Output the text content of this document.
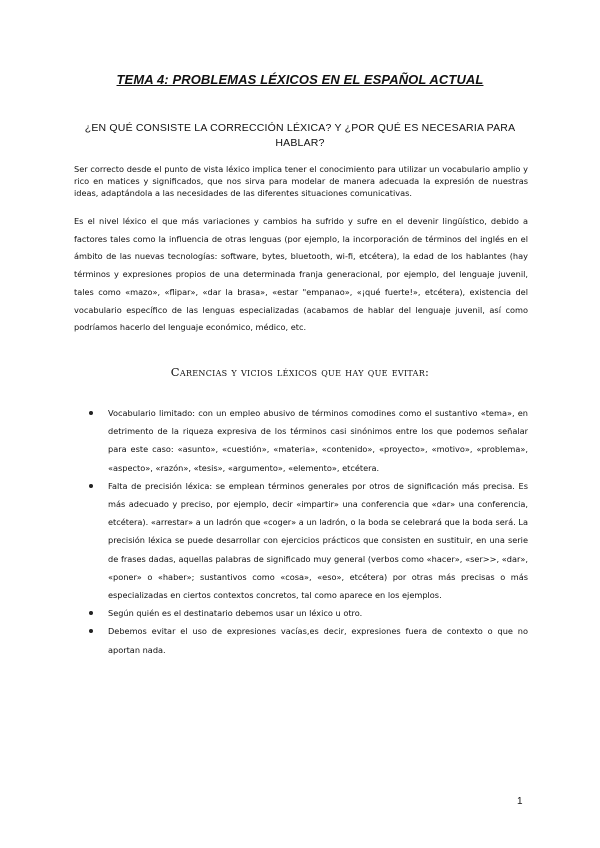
TEMA 4: PROBLEMAS LÉXICOS EN EL ESPAÑOL ACTUAL
¿EN QUÉ CONSISTE LA CORRECCIÓN LÉXICA? Y ¿POR QUÉ ES NECESARIA PARA HABLAR?

Ser correcto desde el punto de vista léxico implica tener el conocimiento para utilizar un vocabulario amplio y rico en matices y significados, que nos sirva para modelar de manera adecuada la expresión de nuestras ideas, adaptándola a las necesidades de las diferentes situaciones comunicativas.

Es el nivel léxico el que más variaciones y cambios ha sufrido y sufre en el devenir lingüístico, debido a factores tales como la influencia de otras lenguas (por ejemplo, la incorporación de términos del inglés en el ámbito de las nuevas tecnologías: software, bytes, bluetooth, wi-fi, etcétera), la edad de los hablantes (hay términos y expresiones propios de una determinada franja generacional, por ejemplo, del lenguaje juvenil, tales como «mazo», «flipar», «dar la brasa», «estar "empanao», «¡qué fuerte!», etcétera), existencia del vocabulario específico de las lenguas especializadas (acabamos de hablar del lenguaje juvenil, así como podríamos hacerlo del lenguaje económico, médico, etc.

Carencias y vicios léxicos que hay que evitar:
Vocabulario limitado: con un empleo abusivo de términos comodines como el sustantivo «tema», en detrimento de la riqueza expresiva de los términos casi sinónimos entre los que podemos señalar para este caso: «asunto», «cuestión», «materia», «contenido», «proyecto», «motivo», «problema», «aspecto», «razón», «tesis», «argumento», «elemento», etcétera.
Falta de precisión léxica: se emplean términos generales por otros de significación más precisa. Es más adecuado y preciso, por ejemplo, decir «impartir» una conferencia que «dar» una conferencia, etcétera). «arrestar» a un ladrón que «coger» a un ladrón, o la boda se celebrará que la boda será. La precisión léxica se puede desarrollar con ejercicios prácticos que consisten en sustituir, en una serie de frases dadas, aquellas palabras de significado muy general (verbos como «hacer», «ser>>, «dar», «poner» o «haber»; sustantivos como «cosa», «eso», etcétera) por otras más precisas o más especializadas en ciertos contextos concretos, tal como aparece en los ejemplos.
Según quién es el destinatario debemos usar un léxico u otro.
Debemos evitar el uso de expresiones vacías,es decir, expresiones fuera de contexto o que no aportan nada.
1
